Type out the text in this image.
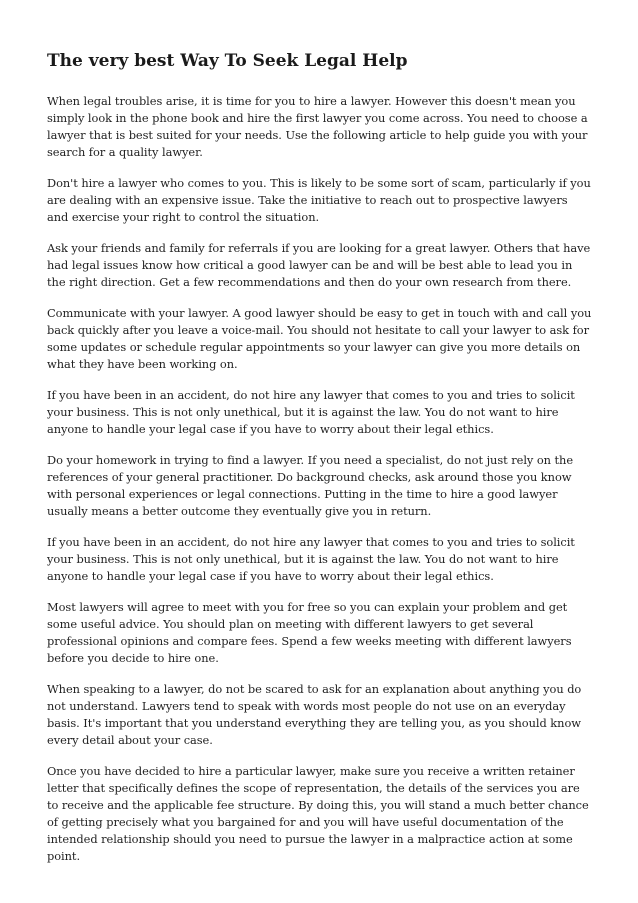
The very best Way To Seek Legal Help

When legal troubles arise, it is time for you to hire a lawyer. However this doesn't mean you simply look in the phone book and hire the first lawyer you come across. You need to choose a lawyer that is best suited for your needs. Use the following article to help guide you with your search for a quality lawyer.

Don't hire a lawyer who comes to you. This is likely to be some sort of scam, particularly if you are dealing with an expensive issue. Take the initiative to reach out to prospective lawyers and exercise your right to control the situation.

Ask your friends and family for referrals if you are looking for a great lawyer. Others that have had legal issues know how critical a good lawyer can be and will be best able to lead you in the right direction. Get a few recommendations and then do your own research from there.

Communicate with your lawyer. A good lawyer should be easy to get in touch with and call you back quickly after you leave a voice-mail. You should not hesitate to call your lawyer to ask for some updates or schedule regular appointments so your lawyer can give you more details on what they have been working on.

If you have been in an accident, do not hire any lawyer that comes to you and tries to solicit your business. This is not only unethical, but it is against the law. You do not want to hire anyone to handle your legal case if you have to worry about their legal ethics.

Do your homework in trying to find a lawyer. If you need a specialist, do not just rely on the references of your general practitioner. Do background checks, ask around those you know with personal experiences or legal connections. Putting in the time to hire a good lawyer usually means a better outcome they eventually give you in return.

If you have been in an accident, do not hire any lawyer that comes to you and tries to solicit your business. This is not only unethical, but it is against the law. You do not want to hire anyone to handle your legal case if you have to worry about their legal ethics.

Most lawyers will agree to meet with you for free so you can explain your problem and get some useful advice. You should plan on meeting with different lawyers to get several professional opinions and compare fees. Spend a few weeks meeting with different lawyers before you decide to hire one.

When speaking to a lawyer, do not be scared to ask for an explanation about anything you do not understand. Lawyers tend to speak with words most people do not use on an everyday basis. It's important that you understand everything they are telling you, as you should know every detail about your case.

Once you have decided to hire a particular lawyer, make sure you receive a written retainer letter that specifically defines the scope of representation, the details of the services you are to receive and the applicable fee structure. By doing this, you will stand a much better chance of getting precisely what you bargained for and you will have useful documentation of the intended relationship should you need to pursue the lawyer in a malpractice action at some point.
